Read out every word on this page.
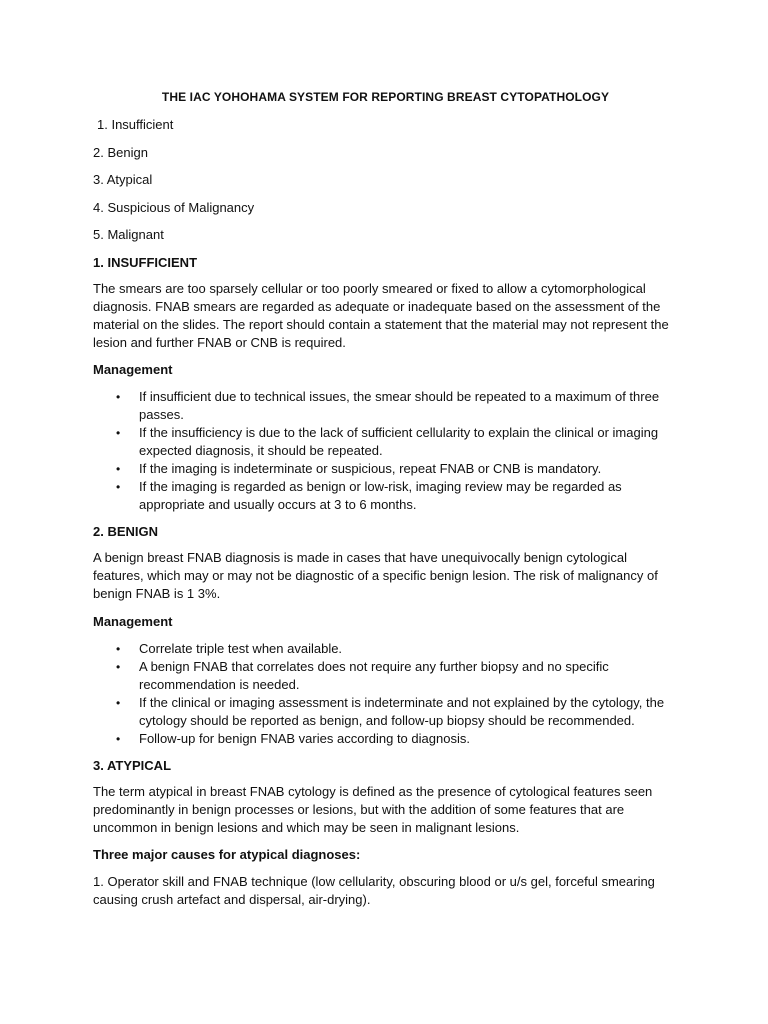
THE IAC YOHOHAMA SYSTEM FOR REPORTING BREAST CYTOPATHOLOGY
1. Insufficient
2. Benign
3. Atypical
4. Suspicious of Malignancy
5. Malignant
1. INSUFFICIENT
The smears are too sparsely cellular or too poorly smeared or fixed to allow a cytomorphological diagnosis. FNAB smears are regarded as adequate or inadequate based on the assessment of the material on the slides. The report should contain a statement that the material may not represent the lesion and further FNAB or CNB is required.
Management
• If insufficient due to technical issues, the smear should be repeated to a maximum of three passes.
• If the insufficiency is due to the lack of sufficient cellularity to explain the clinical or imaging expected diagnosis, it should be repeated.
• If the imaging is indeterminate or suspicious, repeat FNAB or CNB is mandatory.
• If the imaging is regarded as benign or low-risk, imaging review may be regarded as appropriate and usually occurs at 3 to 6 months.
2. BENIGN
A benign breast FNAB diagnosis is made in cases that have unequivocally benign cytological features, which may or may not be diagnostic of a specific benign lesion. The risk of malignancy of benign FNAB is 1 3%.
Management
• Correlate triple test when available.
• A benign FNAB that correlates does not require any further biopsy and no specific recommendation is needed.
• If the clinical or imaging assessment is indeterminate and not explained by the cytology, the cytology should be reported as benign, and follow-up biopsy should be recommended.
• Follow-up for benign FNAB varies according to diagnosis.
3. ATYPICAL
The term atypical in breast FNAB cytology is defined as the presence of cytological features seen predominantly in benign processes or lesions, but with the addition of some features that are uncommon in benign lesions and which may be seen in malignant lesions.
Three major causes for atypical diagnoses:
1. Operator skill and FNAB technique (low cellularity, obscuring blood or u/s gel, forceful smearing causing crush artefact and dispersal, air-drying).
